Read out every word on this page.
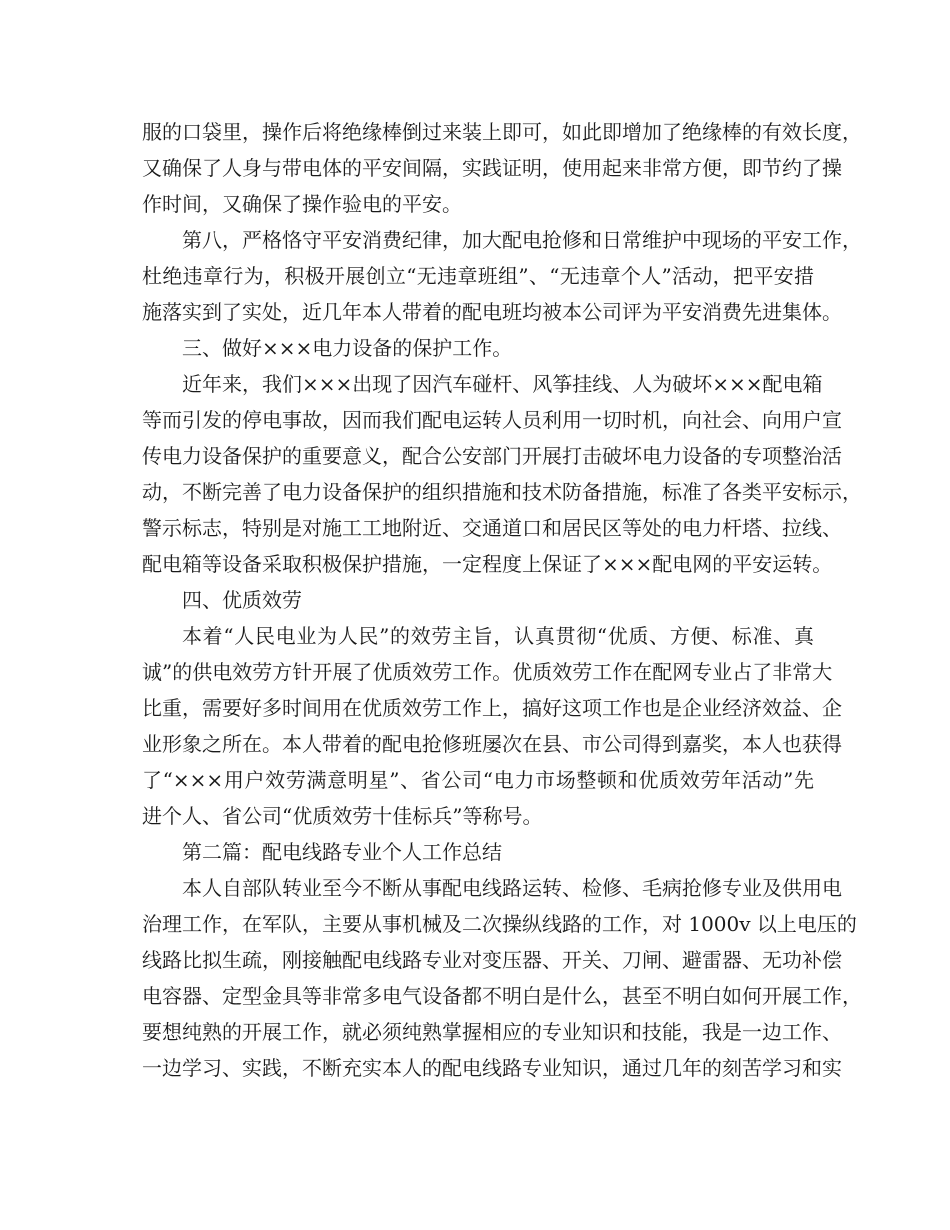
服的口袋里，操作后将绝缘棒倒过来装上即可，如此即增加了绝缘棒的有效长度，
又确保了人身与带电体的平安间隔，实践证明，使用起来非常方便，即节约了操
作时间，又确保了操作验电的平安。
第八，严格恪守平安消费纪律，加大配电抢修和日常维护中现场的平安工作，
杜绝违章行为，积极开展创立“无违章班组”、“无违章个人”活动，把平安措
施落实到了实处，近几年本人带着的配电班均被本公司评为平安消费先进集体。
三、做好×××电力设备的保护工作。
近年来，我们×××出现了因汽车碰杆、风筝挂线、人为破坏×××配电箱
等而引发的停电事故，因而我们配电运转人员利用一切时机，向社会、向用户宣
传电力设备保护的重要意义，配合公安部门开展打击破坏电力设备的专项整治活
动，不断完善了电力设备保护的组织措施和技术防备措施，标准了各类平安标示，
警示标志，特别是对施工工地附近、交通道口和居民区等处的电力杆塔、拉线、
配电箱等设备采取积极保护措施，一定程度上保证了×××配电网的平安运转。
四、优质效劳
本着“人民电业为人民”的效劳主旨，认真贯彻“优质、方便、标准、真
诚”的供电效劳方针开展了优质效劳工作。优质效劳工作在配网专业占了非常大
比重，需要好多时间用在优质效劳工作上，搞好这项工作也是企业经济效益、企
业形象之所在。本人带着的配电抢修班屡次在县、市公司得到嘉奖，本人也获得
了“×××用户效劳满意明星”、省公司“电力市场整顿和优质效劳年活动”先
进个人、省公司“优质效劳十佳标兵”等称号。
第二篇：配电线路专业个人工作总结
本人自部队转业至今不断从事配电线路运转、检修、毛病抢修专业及供用电
治理工作，在军队，主要从事机械及二次操纵线路的工作，对 1000v 以上电压的
线路比拟生疏，刚接触配电线路专业对变压器、开关、刀闸、避雷器、无功补偿
电容器、定型金具等非常多电气设备都不明白是什么，甚至不明白如何开展工作，
要想纯熟的开展工作，就必须纯熟掌握相应的专业知识和技能，我是一边工作、
一边学习、实践，不断充实本人的配电线路专业知识，通过几年的刻苦学习和实
